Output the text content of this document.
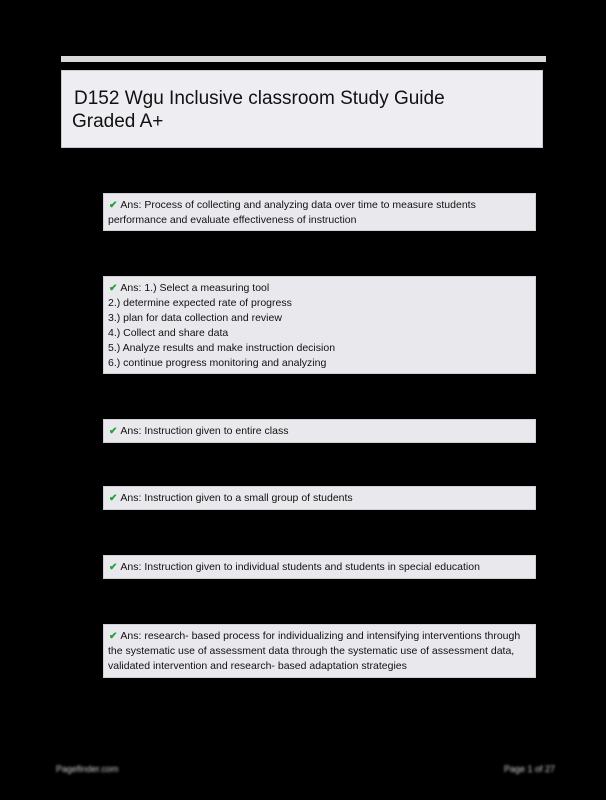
D152 Wgu Inclusive classroom Study Guide
Graded A+
✔ Ans: Process of collecting and analyzing data over time to measure students
performance and evaluate effectiveness of instruction
✔ Ans: 1.) Select a measuring tool
2.) determine expected rate of progress
3.) plan for data collection and review
4.) Collect and share data
5.) Analyze results and make instruction decision
6.) continue progress monitoring and analyzing
✔ Ans: Instruction given to entire class
✔ Ans: Instruction given to a small group of students
✔ Ans: Instruction given to individual students and students in special education
✔ Ans: research- based process for individualizing and intensifying interventions through
the systematic use of assessment data through the systematic use of assessment data,
validated intervention and research- based adaptation strategies
Pagefinder.com	Page 1 of 27
